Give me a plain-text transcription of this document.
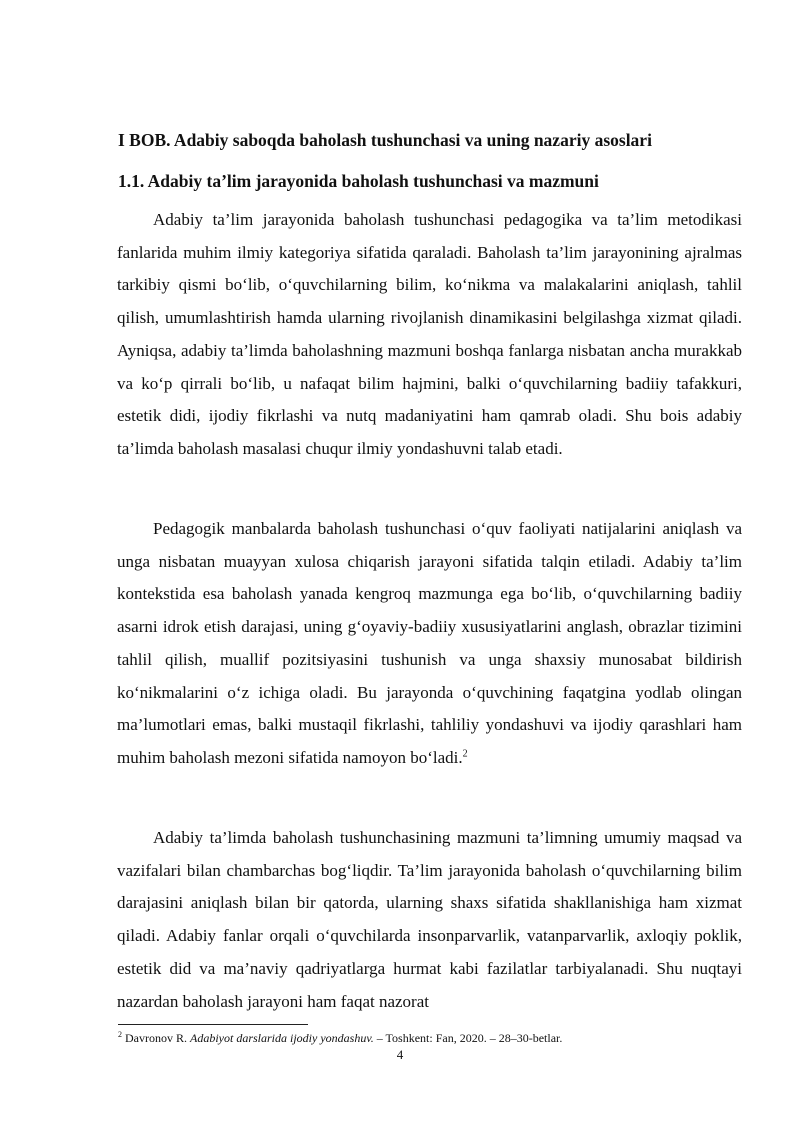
I BOB. Adabiy saboqda baholash tushunchasi va uning nazariy asoslari
1.1. Adabiy ta’lim jarayonida baholash tushunchasi va mazmuni

Adabiy ta’lim jarayonida baholash tushunchasi pedagogika va ta’lim metodikasi fanlarida muhim ilmiy kategoriya sifatida qaraladi. Baholash ta’lim jarayonining ajralmas tarkibiy qismi bo‘lib, o‘quvchilarning bilim, ko‘nikma va malakalarini aniqlash, tahlil qilish, umumlashtirish hamda ularning rivojlanish dinamikasini belgilashga xizmat qiladi. Ayniqsa, adabiy ta’limda baholashning mazmuni boshqa fanlarga nisbatan ancha murakkab va ko‘p qirrali bo‘lib, u nafaqat bilim hajmini, balki o‘quvchilarning badiiy tafakkuri, estetik didi, ijodiy fikrlashi va nutq madaniyatini ham qamrab oladi. Shu bois adabiy ta’limda baholash masalasi chuqur ilmiy yondashuvni talab etadi.

Pedagogik manbalarda baholash tushunchasi o‘quv faoliyati natijalarini aniqlash va unga nisbatan muayyan xulosa chiqarish jarayoni sifatida talqin etiladi. Adabiy ta’lim kontekstida esa baholash yanada kengroq mazmunga ega bo‘lib, o‘quvchilarning badiiy asarni idrok etish darajasi, uning g‘oyaviy-badiiy xususiyatlarini anglash, obrazlar tizimini tahlil qilish, muallif pozitsiyasini tushunish va unga shaxsiy munosabat bildirish ko‘nikmalarini o‘z ichiga oladi. Bu jarayonda o‘quvchining faqatgina yodlab olingan ma’lumotlari emas, balki mustaqil fikrlashi, tahliliy yondashuvi va ijodiy qarashlari ham muhim baholash mezoni sifatida namoyon bo‘ladi.$^2$

Adabiy ta’limda baholash tushunchasining mazmuni ta’limning umumiy maqsad va vazifalari bilan chambarchas bog‘liqdir. Ta’lim jarayonida baholash o‘quvchilarning bilim darajasini aniqlash bilan bir qatorda, ularning shaxs sifatida shakllanishiga ham xizmat qiladi. Adabiy fanlar orqali o‘quvchilarda insonparvarlik, vatanparvarlik, axloqiy poklik, estetik did va ma’naviy qadriyatlarga hurmat kabi fazilatlar tarbiyalanadi. Shu nuqtayi nazardan baholash jarayoni ham faqat nazorat

$^2$ Davronov R. Adabiyot darslarida ijodiy yondashuv. – Toshkent: Fan, 2020. – 28–30-betlar.
4
